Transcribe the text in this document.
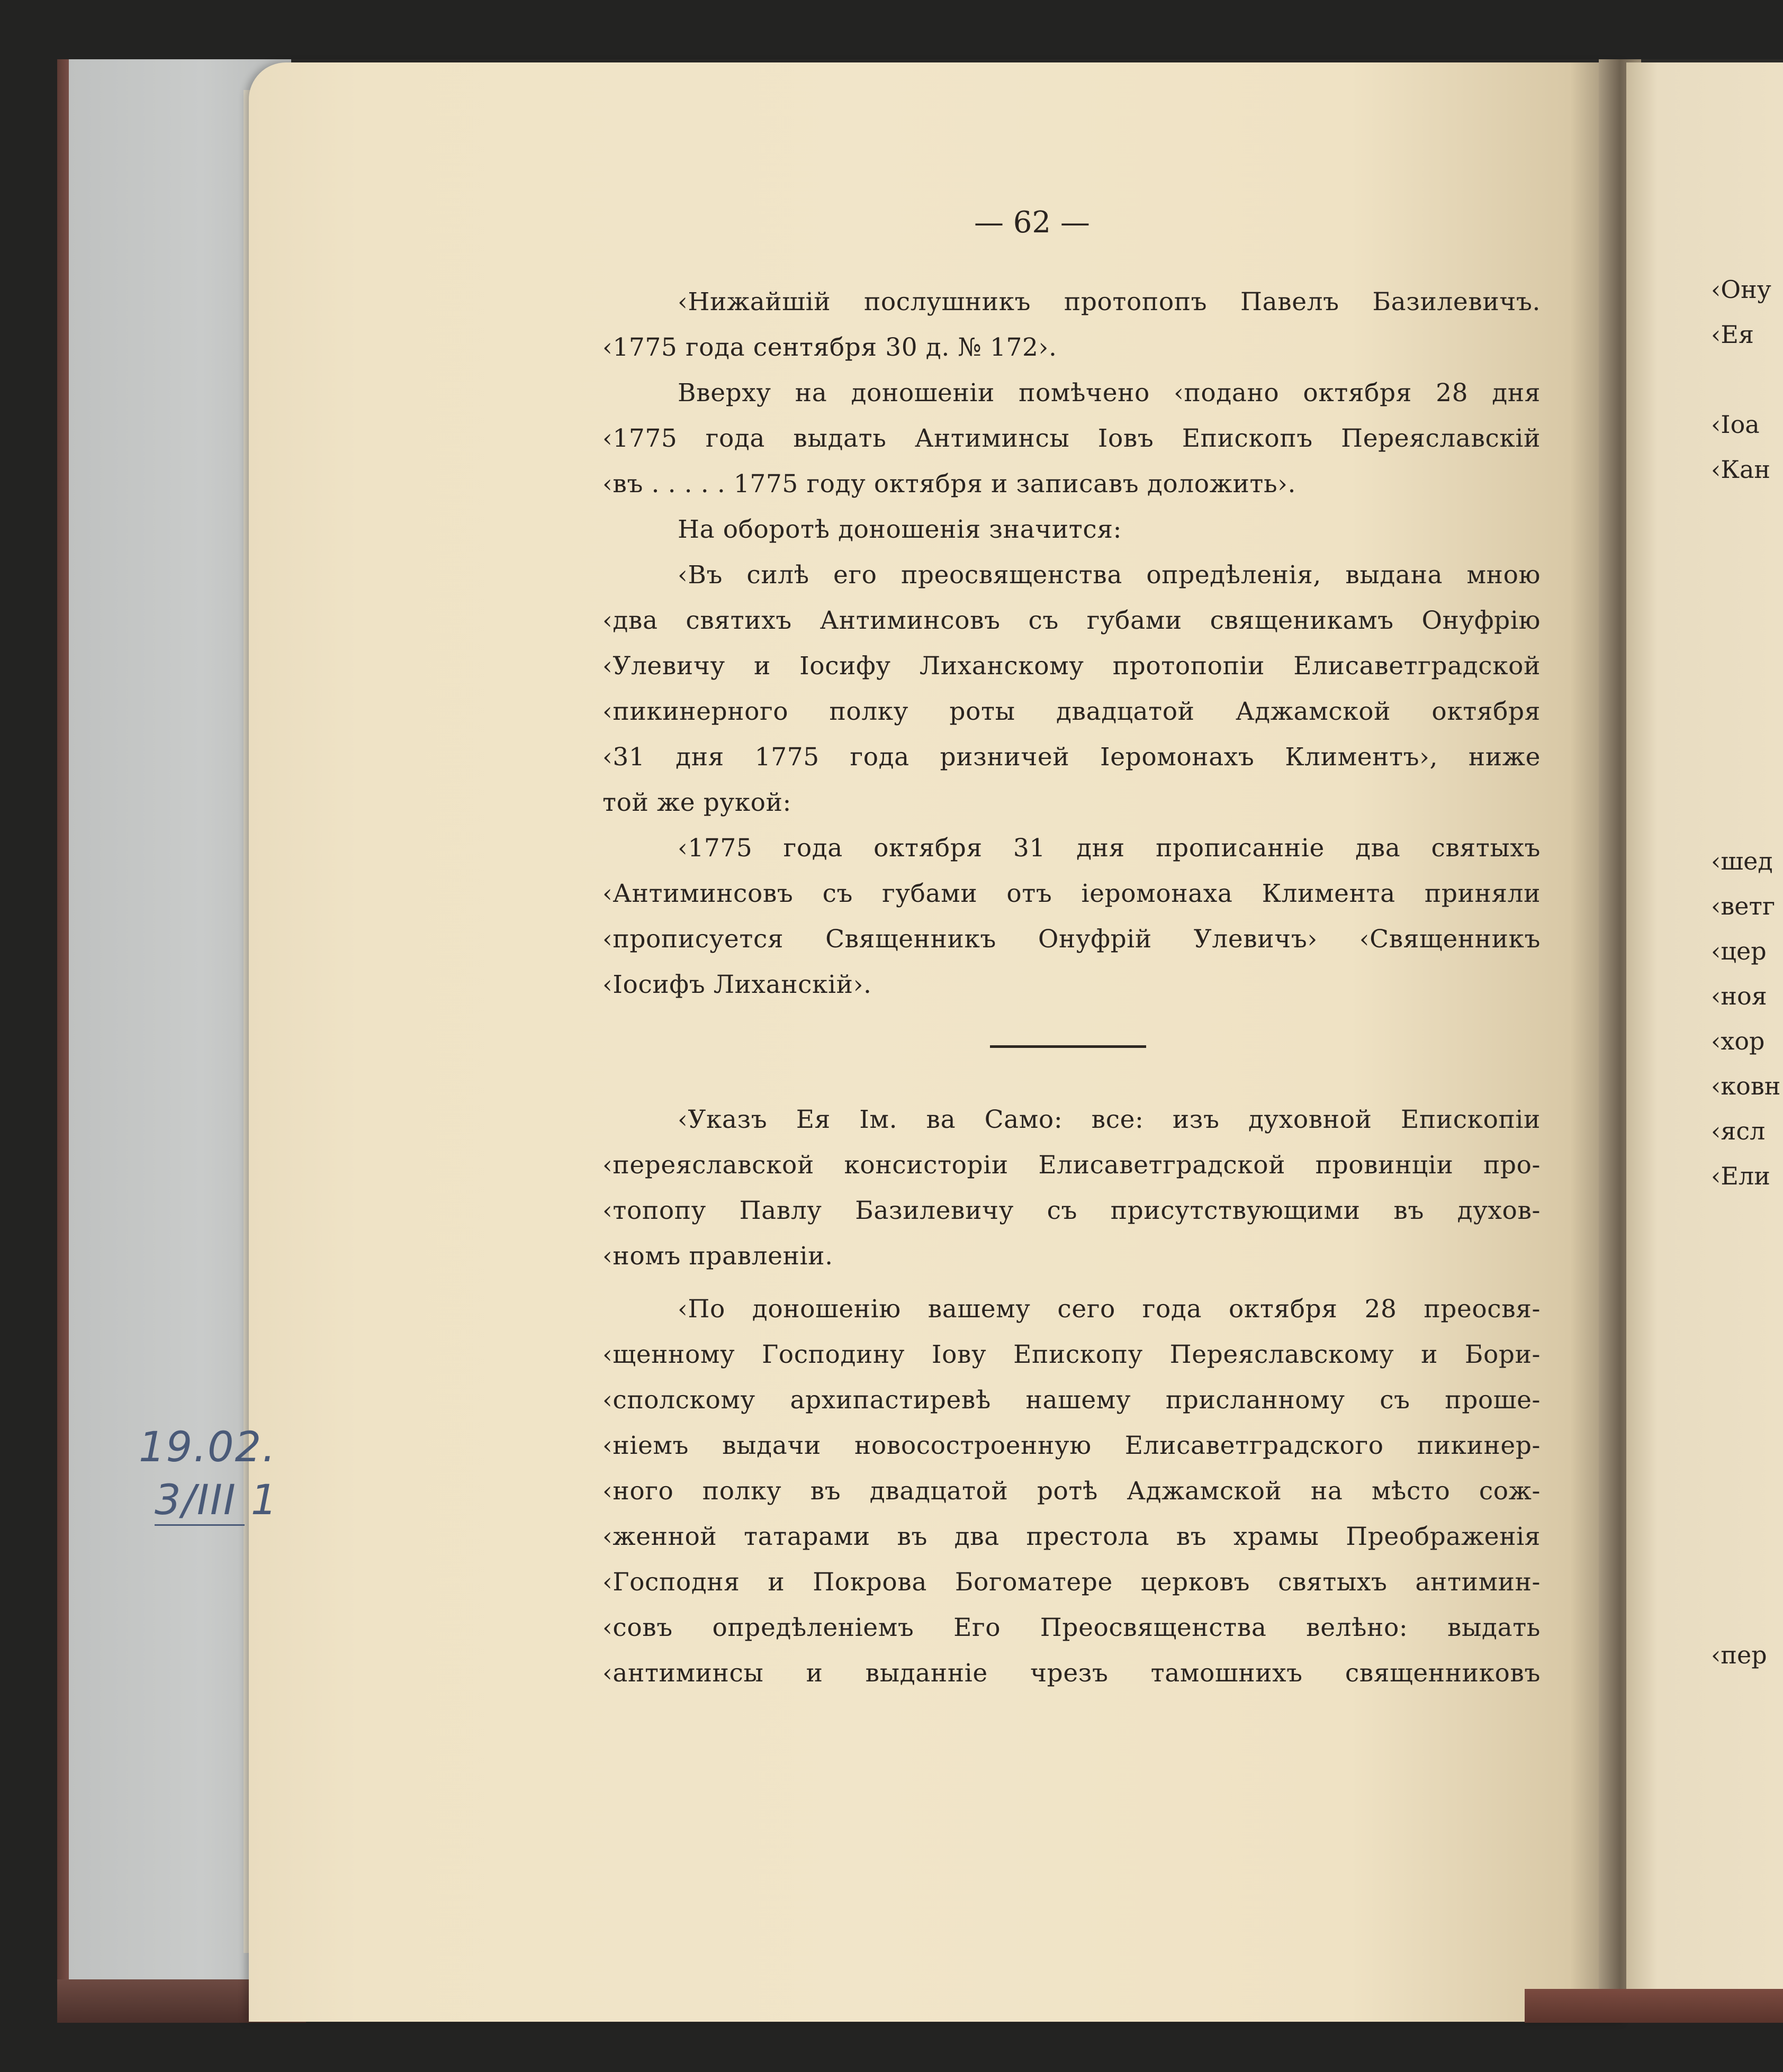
19.02.
3/III 1
— 62 —
‹Нижайшій послушникъ протопопъ Павелъ Базилевичъ.
‹1775 года сентября 30 д. № 172›.
Вверху на доношеніи помѣчено ‹подано октября 28 дня
‹1775 года выдать Антиминсы Іовъ Епископъ Переяславскій
‹въ . . . . . 1775 году октября и записавъ доложить›.
На оборотѣ доношенія значится:
‹Въ силѣ его преосвященства опредѣленія, выдана мною
‹два святихъ Антиминсовъ съ губами священикамъ Онуфрію
‹Улевичу и Іосифу Лиханскому протопопіи Елисаветградской
‹пикинерного полку роты двадцатой Аджамской октября
‹31 дня 1775 года ризничей Іеромонахъ Климентъ›, ниже
той же рукой:
‹1775 года октября 31 дня прописанніе два святыхъ
‹Антиминсовъ съ губами отъ іеромонаха Климента приняли
‹прописуется Священникъ Онуфрій Улевичъ› ‹Священникъ
‹Іосифъ Лиханскій›.
‹Указъ Ея Ім. ва Само: все: изъ духовной Епископіи
‹переяславской консисторіи Елисаветградской провинціи про-
‹топопу Павлу Базилевичу съ присутствующими въ духов-
‹номъ правленіи.
‹По доношенію вашему сего года октября 28 преосвя-
‹щенному Господину Іову Епископу Переяславскому и Бори-
‹сполскому архипастиревѣ нашему присланному съ проше-
‹ніемъ выдачи новосостроенную Елисаветградского пикинер-
‹ного полку въ двадцатой ротѣ Аджамской на мѣсто сож-
‹женной татарами въ два престола въ храмы Преображенія
‹Господня и Покрова Богоматере церковъ святыхъ антимин-
‹совъ опредѣленіемъ Его Преосвященства велѣно: выдать
‹антиминсы и выданніе чрезъ тамошнихъ священниковъ
‹Ону
‹Ея
‹Іоа
‹Кан
‹шед
‹ветг
‹цер
‹ноя
‹хор
‹ковн
‹ясл
‹Ели
‹пер
